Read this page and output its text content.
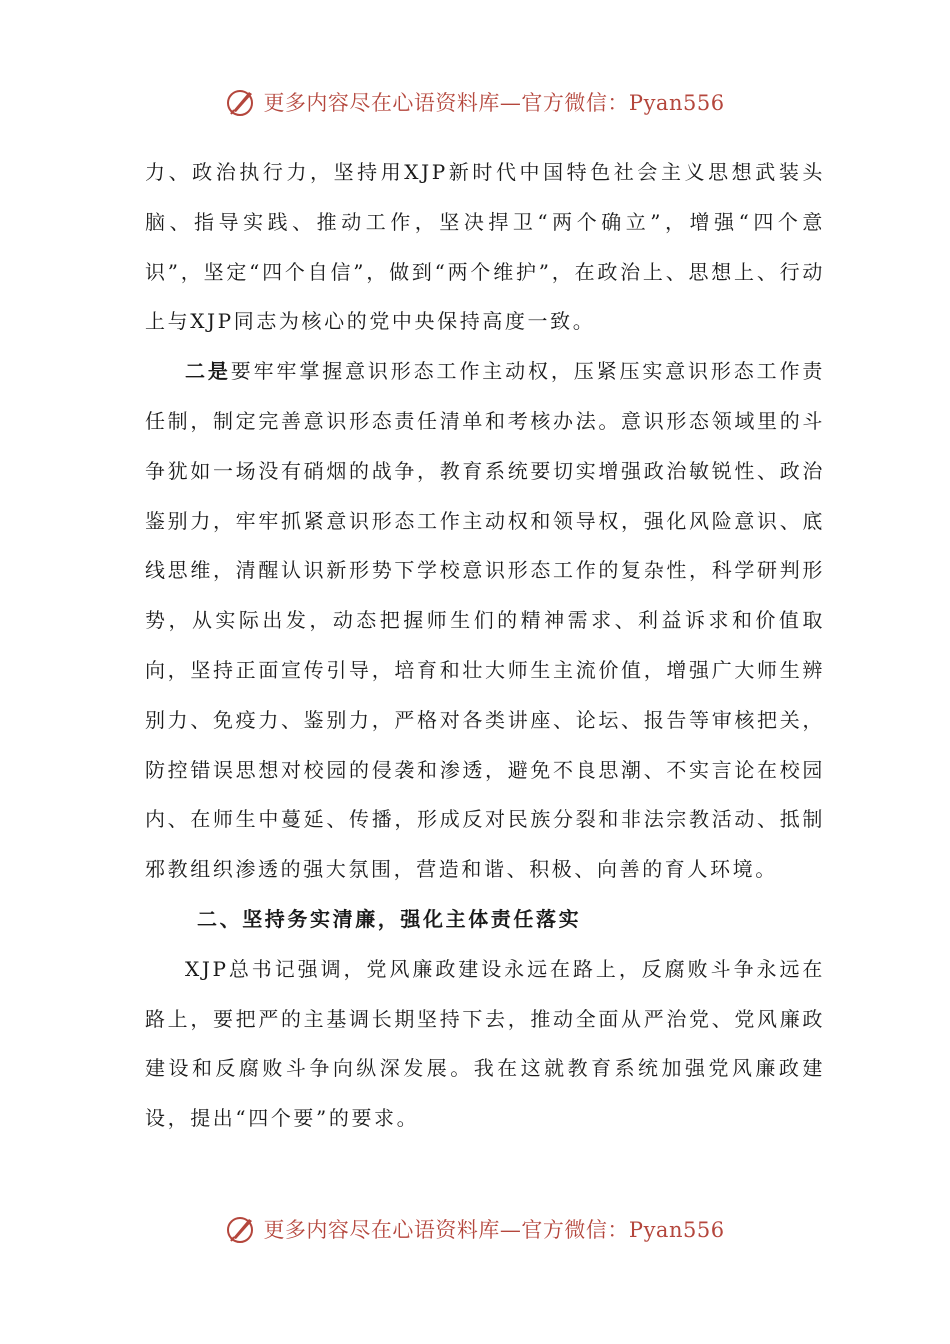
更多内容尽在心语资料库—官方微信：Pyan556

力、政治执行力，坚持用XJP新时代中国特色社会主义思想武装头脑、指导实践、推动工作，坚决捍卫“两个确立”，增强“四个意识”，坚定“四个自信”，做到“两个维护”，在政治上、思想上、行动上与XJP同志为核心的党中央保持高度一致。

二是要牢牢掌握意识形态工作主动权，压紧压实意识形态工作责任制，制定完善意识形态责任清单和考核办法。意识形态领域里的斗争犹如一场没有硝烟的战争，教育系统要切实增强政治敏锐性、政治鉴别力，牢牢抓紧意识形态工作主动权和领导权，强化风险意识、底线思维，清醒认识新形势下学校意识形态工作的复杂性，科学研判形势，从实际出发，动态把握师生们的精神需求、利益诉求和价值取向，坚持正面宣传引导，培育和壮大师生主流价值，增强广大师生辨别力、免疫力、鉴别力，严格对各类讲座、论坛、报告等审核把关，防控错误思想对校园的侵袭和渗透，避免不良思潮、不实言论在校园内、在师生中蔓延、传播，形成反对民族分裂和非法宗教活动、抵制邪教组织渗透的强大氛围，营造和谐、积极、向善的育人环境。

二、坚持务实清廉，强化主体责任落实

XJP总书记强调，党风廉政建设永远在路上，反腐败斗争永远在路上，要把严的主基调长期坚持下去，推动全面从严治党、党风廉政建设和反腐败斗争向纵深发展。我在这就教育系统加强党风廉政建设，提出“四个要”的要求。

更多内容尽在心语资料库—官方微信：Pyan556
